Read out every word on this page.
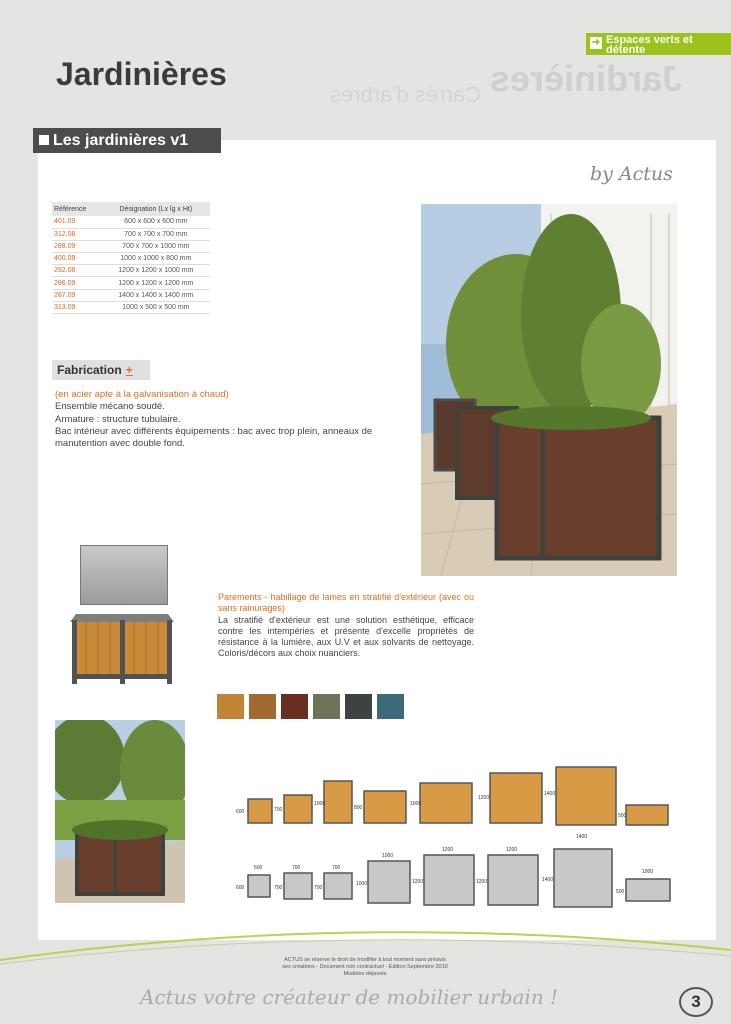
Jardinières
Carrés d'arbres
➜ Espaces verts et
détente
Jardinières
Les jardinières v1
by Actus
Référence	Désignation (Lx lg x Ht)
401.09	600 x 600 x 600 mm
312.08	700 x 700 x 700 mm
288.09	700 x 700 x 1000 mm
400.09	1000 x 1000 x 800 mm
292.08	1200 x 1200 x 1000 mm
286.09	1200 x 1200 x 1200 mm
287.09	1400 x 1400 x 1400 mm
313.09	1000 x 500 x 500 mm
Fabrication +
(en acier apte à la galvanisation à chaud)
Ensemble mécano soudé.
Armature : structure tubulaire.
Bac intérieur avec différents équipements : bac avec trop plein, anneaux de manutention avec double fond.
Parements - habillage de lames en stratifié d'extérieur (avec ou sans rainurages)
La stratifié d'extérieur est une solution esthétique, efficace contre les intempéries et présente d'excelle propriétés de résistance à la lumière, aux U.V et aux solvants de nettoyage. Coloris/décors aux choix nuanciers.
600	700
1000
800
1000
1200
1400
500
600	700	700
1000
1200	1200
1400
1000
600	700	700
1000	1200	1200	1400
500
ACTUS se réserve le droit de modifier à tout moment sans préavis
ses créations - Document non contractuel - Edition Septembre 2010
Modèles déposés
Actus votre créateur de mobilier urbain !	3
